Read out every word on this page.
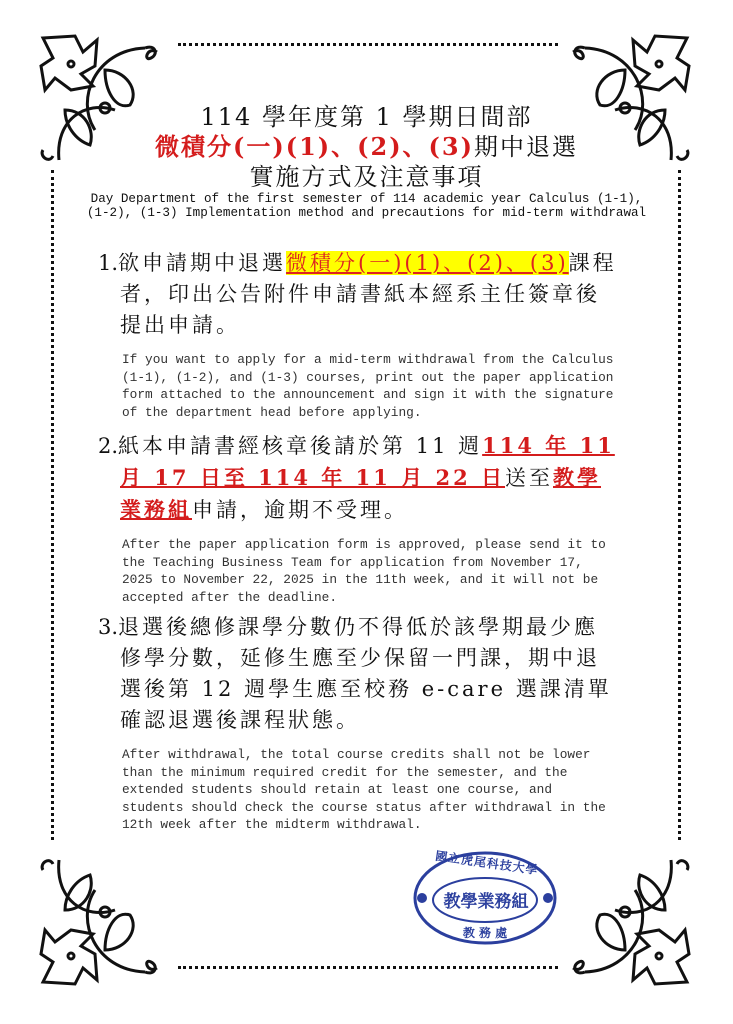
114 學年度第 1 學期日間部
微積分(一)(1)、(2)、(3)期中退選
實施方式及注意事項
Day Department of the first semester of 114 academic year Calculus (1-1),
(1-2), (1-3) Implementation method and precautions for mid-term withdrawal
1.欲申請期中退選微積分(一)(1)、(2)、(3)課程者，印出公告附件申請書紙本經系主任簽章後提出申請。
If you want to apply for a mid-term withdrawal from the Calculus (1-1), (1-2), and (1-3) courses, print out the paper application form attached to the announcement and sign it with the signature of the department head before applying.
2.紙本申請書經核章後請於第 11 週114 年 11 月 17 日至 114 年 11 月 22 日送至教學業務組申請，逾期不受理。
After the paper application form is approved, please send it to the Teaching Business Team for application from November 17, 2025 to November 22, 2025 in the 11th week, and it will not be accepted after the deadline.
3.退選後總修課學分數仍不得低於該學期最少應修學分數，延修生應至少保留一門課，期中退選後第 12 週學生應至校務 e-care 選課清單確認退選後課程狀態。
After withdrawal, the total course credits shall not be lower than the minimum required credit for the semester, and the extended students should retain at least one course, and students should check the course status after withdrawal in the 12th week after the midterm withdrawal.
國立虎尾科技大學
教學業務組
教 務 處
